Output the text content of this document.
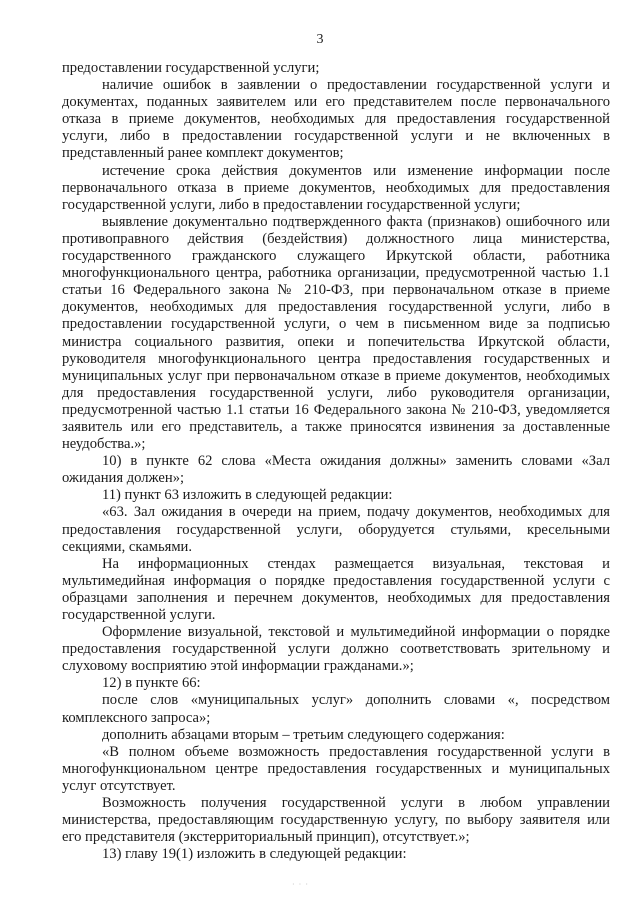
3

предоставлении государственной услуги;

наличие ошибок в заявлении о предоставлении государственной услуги и документах, поданных заявителем или его представителем после первоначального отказа в приеме документов, необходимых для предоставления государственной услуги, либо в предоставлении государственной услуги и не включенных в представленный ранее комплект документов;

истечение срока действия документов или изменение информации после первоначального отказа в приеме документов, необходимых для предоставления государственной услуги, либо в предоставлении государственной услуги;

выявление документально подтвержденного факта (признаков) ошибочного или противоправного действия (бездействия) должностного лица министерства, государственного гражданского служащего Иркутской области, работника многофункционального центра, работника организации, предусмотренной частью 1.1 статьи 16 Федерального закона № 210-ФЗ, при первоначальном отказе в приеме документов, необходимых для предоставления государственной услуги, либо в предоставлении государственной услуги, о чем в письменном виде за подписью министра социального развития, опеки и попечительства Иркутской области, руководителя многофункционального центра предоставления государственных и муниципальных услуг при первоначальном отказе в приеме документов, необходимых для предоставления государственной услуги, либо руководителя организации, предусмотренной частью 1.1 статьи 16 Федерального закона № 210-ФЗ, уведомляется заявитель или его представитель, а также приносятся извинения за доставленные неудобства.»;

10) в пункте 62 слова «Места ожидания должны» заменить словами «Зал ожидания должен»;

11) пункт 63 изложить в следующей редакции:

«63. Зал ожидания в очереди на прием, подачу документов, необходимых для предоставления государственной услуги, оборудуется стульями, кресельными секциями, скамьями.

На информационных стендах размещается визуальная, текстовая и мультимедийная информация о порядке предоставления государственной услуги с образцами заполнения и перечнем документов, необходимых для предоставления государственной услуги.

Оформление визуальной, текстовой и мультимедийной информации о порядке предоставления государственной услуги должно соответствовать зрительному и слуховому восприятию этой информации гражданами.»;

12) в пункте 66:

после слов «муниципальных услуг» дополнить словами «, посредством комплексного запроса»;

дополнить абзацами вторым – третьим следующего содержания:

«В полном объеме возможность предоставления государственной услуги в многофункциональном центре предоставления государственных и муниципальных услуг отсутствует.

Возможность получения государственной услуги в любом управлении министерства, предоставляющим государственную услугу, по выбору заявителя или его представителя (экстерриториальный принцип), отсутствует.»;

13) главу 19(1) изложить в следующей редакции:

· · ·
